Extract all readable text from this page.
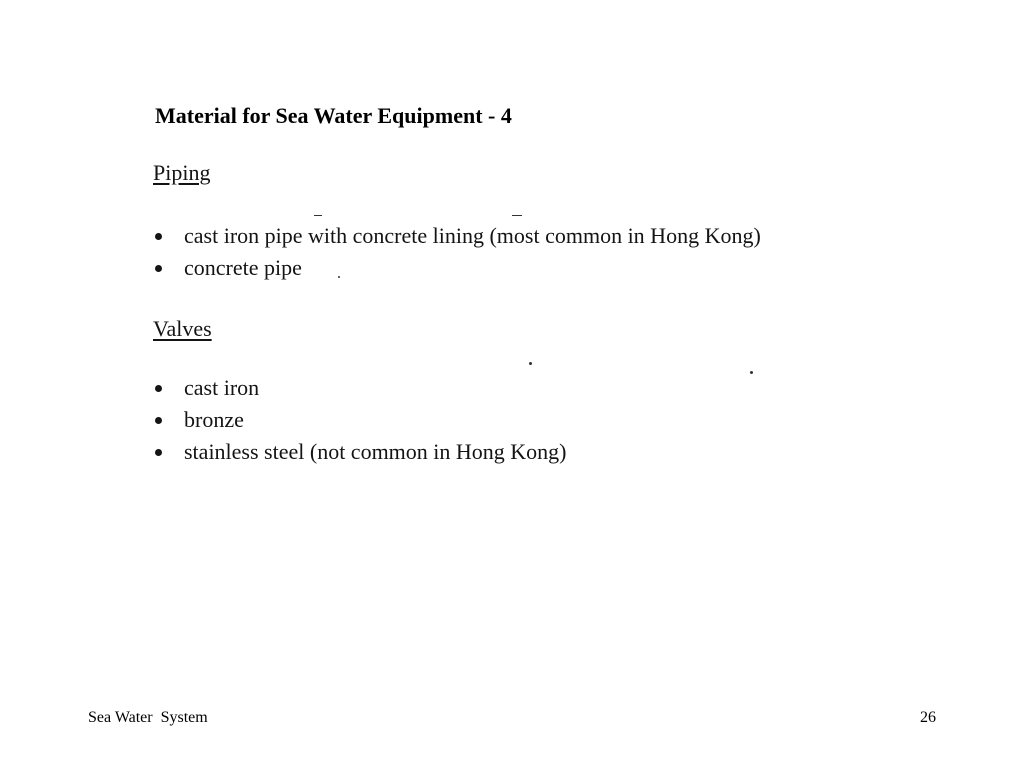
Material for Sea Water Equipment - 4
Piping
cast iron pipe with concrete lining (most common in Hong Kong)
concrete pipe
Valves
cast iron
bronze
stainless steel (not common in Hong Kong)
Sea Water  System	26
